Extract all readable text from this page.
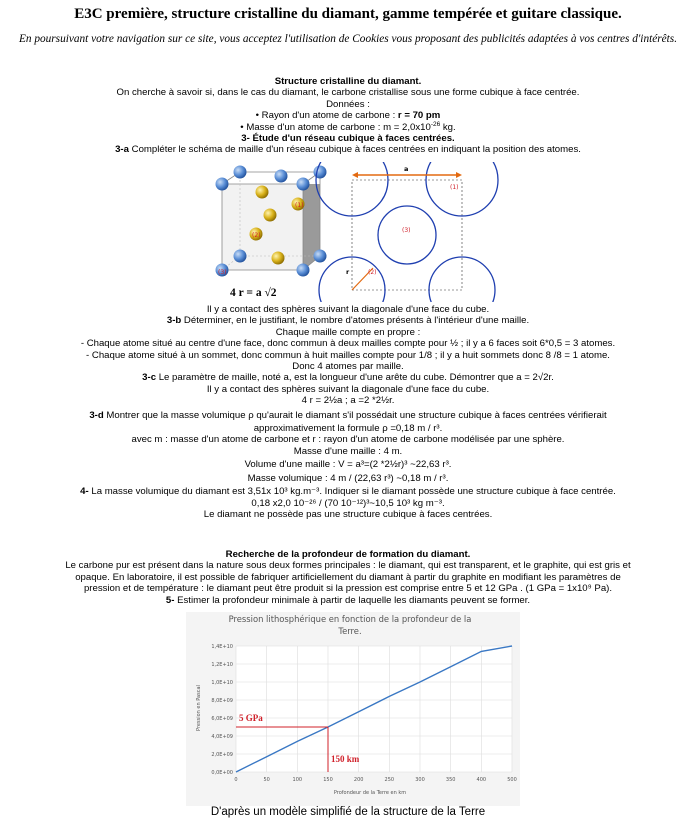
E3C première, structure cristalline du diamant, gamme tempérée et guitare classique.
En poursuivant votre navigation sur ce site, vous acceptez l'utilisation de Cookies vous proposant des publicités adaptées à vos centres d'intérêts.
Structure cristalline du diamant.
On cherche à savoir si, dans le cas du diamant, le carbone cristallise sous une forme cubique à face centrée.
Données :
• Rayon d'un atome de carbone : r = 70 pm
• Masse d'un atome de carbone : $m = 2,0x10^{-26}$ kg.
3- Étude d'un réseau cubique à faces centrées.
3-a Compléter le schéma de maille d'un réseau cubique à faces centrées en indiquant la position des atomes.
(1)
(2)
(3)
4 r = a √2
a
r
(1)
(2)
(3)
Il y a contact des sphères suivant la diagonale d'une face du cube.
3-b Déterminer, en le justifiant, le nombre d'atomes présents à l'intérieur d'une maille.
Chaque maille compte en propre :
- Chaque atome situé au centre d'une face, donc commun à deux mailles compte pour ½ ; il y a 6 faces soit 6*0,5 = 3 atomes.
- Chaque atome situé à un sommet, donc commun à huit mailles compte pour 1/8 ; il y a huit sommets donc 8 /8 = 1 atome.
Donc 4 atomes par maille.
3-c Le paramètre de maille, noté a, est la longueur d'une arête du cube. Démontrer que a = 2√2r.
Il y a contact des sphères suivant la diagonale d'une face du cube.
4 r = 2½a ; a =2 *2½r.
3-d Montrer que la masse volumique ρ qu'aurait le diamant s'il possédait une structure cubique à faces centrées vérifierait
approximativement la formule ρ =0,18 m / r³.
avec m : masse d'un atome de carbone et r : rayon d'un atome de carbone modélisée par une sphère.
Masse d'une maille : 4 m.
Volume d'une maille : V = a³=(2 *2½r)³ ~22,63 r³.
Masse volumique : 4 m / (22,63 r³) ~0,18 m / r³.
4- La masse volumique du diamant est 3,51x 10³ kg.m⁻³. Indiquer si le diamant possède une structure cubique à face centrée.
0,18 x2,0 10⁻²⁶ / (70 10⁻¹²)³~10,5 10³ kg m⁻³.
Le diamant ne possède pas une structure cubique à faces centrées.
Recherche de la profondeur de formation du diamant.
Le carbone pur est présent dans la nature sous deux formes principales : le diamant, qui est transparent, et le graphite, qui est gris et
opaque. En laboratoire, il est possible de fabriquer artificiellement du diamant à partir du graphite en modifiant les paramètres de
pression et de température : le diamant peut être produit si la pression est comprise entre 5 et 12 GPa . (1 GPa = 1x10⁹ Pa).
5- Estimer la profondeur minimale à partir de laquelle les diamants peuvent se former.
Pression lithosphérique en fonction de la profondeur de la
Terre.
0,0E+00
2,0E+09
4,0E+09
6,0E+09
8,0E+09
1,0E+10
1,2E+10
1,4E+10
0	50	100	150	200	250	300	350	400	500
5 GPa
150 km
Profondeur de la Terre en km
Pression en Pascal
D'après un modèle simplifié de la structure de la Terre
